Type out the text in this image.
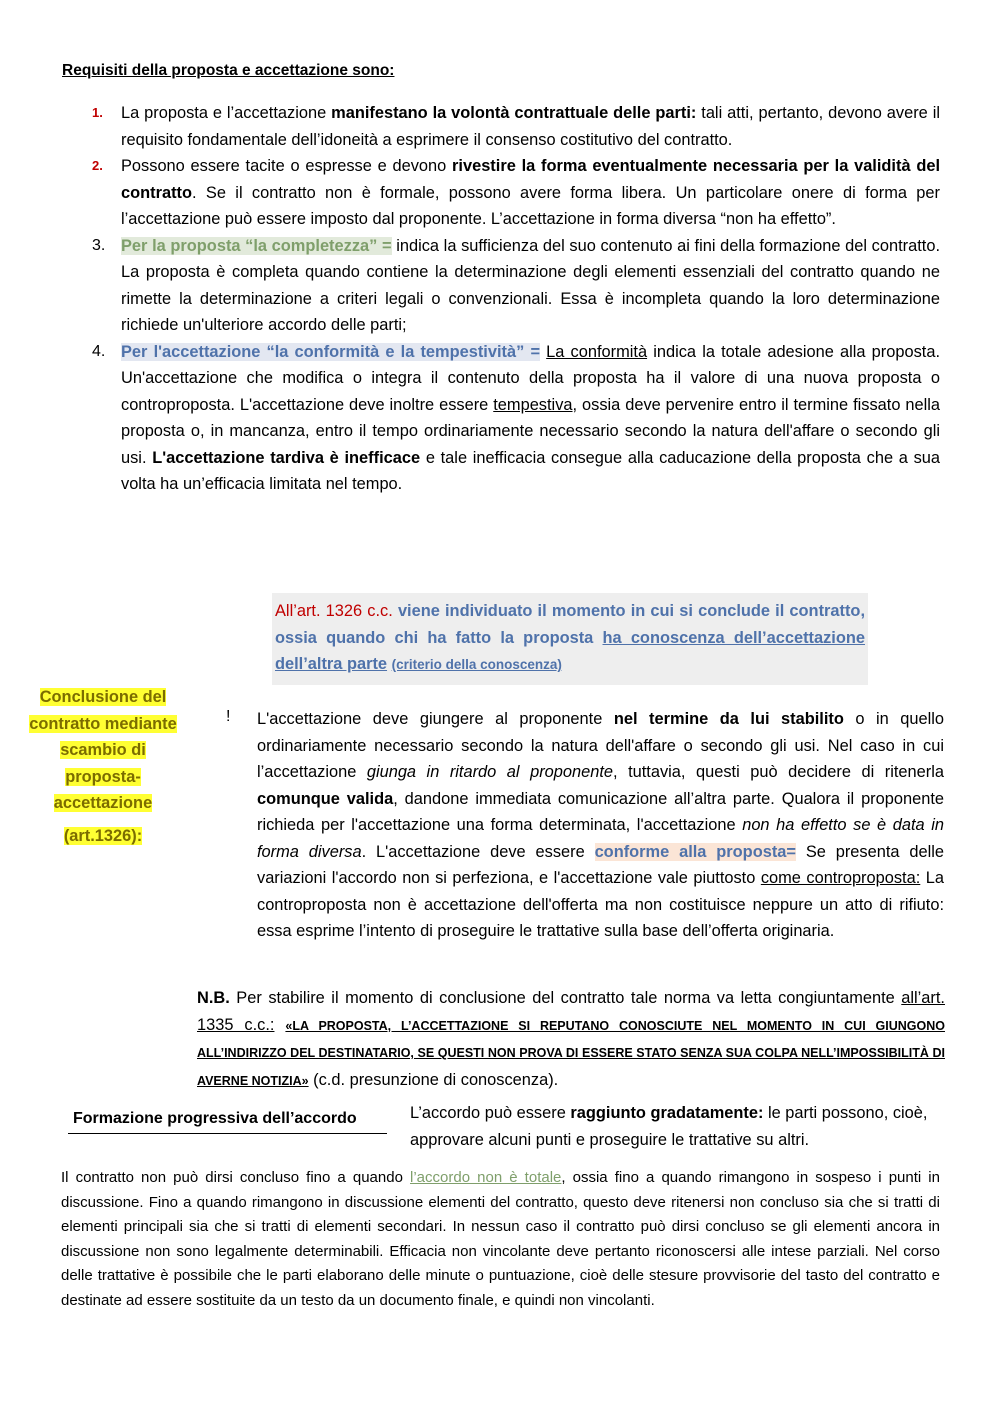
Requisiti della proposta e accettazione sono:
1.	La proposta e l’accettazione manifestano la volontà contrattuale delle parti: tali atti, pertanto, devono avere il requisito fondamentale dell’idoneità a esprimere il consenso costitutivo del contratto.
2.	Possono essere tacite o espresse e devono rivestire la forma eventualmente necessaria per la validità del contratto. Se il contratto non è formale, possono avere forma libera. Un particolare onere di forma per l’accettazione può essere imposto dal proponente. L’accettazione in forma diversa “non ha effetto”.
3. Per la proposta “la completezza” = indica la sufficienza del suo contenuto ai fini della formazione del contratto. La proposta è completa quando contiene la determinazione degli elementi essenziali del contratto quando ne rimette la determinazione a criteri legali o convenzionali. Essa è incompleta quando la loro determinazione richiede un'ulteriore accordo delle parti;
4. Per l'accettazione “la conformità e la tempestività” = La conformità indica la totale adesione alla proposta. Un'accettazione che modifica o integra il contenuto della proposta ha il valore di una nuova proposta o controproposta. L'accettazione deve inoltre essere tempestiva, ossia deve pervenire entro il termine fissato nella proposta o, in mancanza, entro il tempo ordinariamente necessario secondo la natura dell'affare o secondo gli usi. L'accettazione tardiva è inefficace e tale inefficacia consegue alla caducazione della proposta che a sua volta ha un’efficacia limitata nel tempo.
All’art. 1326 c.c. viene individuato il momento in cui si conclude il contratto, ossia quando chi ha fatto la proposta ha conoscenza dell’accettazione dell’altra parte (criterio della conoscenza)
Conclusione del
contratto mediante
scambio di
proposta-
accettazione
(art.1326):
! L'accettazione deve giungere al proponente nel termine da lui stabilito o in quello ordinariamente necessario secondo la natura dell'affare o secondo gli usi. Nel caso in cui l’accettazione giunga in ritardo al proponente, tuttavia, questi può decidere di ritenerla comunque valida, dandone immediata comunicazione all’altra parte. Qualora il proponente richieda per l'accettazione una forma determinata, l'accettazione non ha effetto se è data in forma diversa. L'accettazione deve essere conforme alla proposta= Se presenta delle variazioni l'accordo non si perfeziona, e l'accettazione vale piuttosto come controproposta: La controproposta non è accettazione dell'offerta ma non costituisce neppure un atto di rifiuto: essa esprime l’intento di proseguire le trattative sulla base dell’offerta originaria.
N.B. Per stabilire il momento di conclusione del contratto tale norma va letta congiuntamente all’art. 1335 c.c.: «LA PROPOSTA, L’ACCETTAZIONE SI REPUTANO CONOSCIUTE NEL MOMENTO IN CUI GIUNGONO ALL’INDIRIZZO DEL DESTINATARIO, SE QUESTI NON PROVA DI ESSERE STATO SENZA SUA COLPA NELL’IMPOSSIBILITÀ DI AVERNE NOTIZIA» (c.d. presunzione di conoscenza).
Formazione progressiva dell’accordo	L’accordo può essere raggiunto gradatamente: le parti possono, cioè, approvare alcuni punti e proseguire le trattative su altri.
Il contratto non può dirsi concluso fino a quando l’accordo non è totale, ossia fino a quando rimangono in sospeso i punti in discussione. Fino a quando rimangono in discussione elementi del contratto, questo deve ritenersi non concluso sia che si tratti di elementi principali sia che si tratti di elementi secondari. In nessun caso il contratto può dirsi concluso se gli elementi ancora in discussione non sono legalmente determinabili. Efficacia non vincolante deve pertanto riconoscersi alle intese parziali. Nel corso delle trattative è possibile che le parti elaborano delle minute o puntuazione, cioè delle stesure provvisorie del tasto del contratto e destinate ad essere sostituite da un testo da un documento finale, e quindi non vincolanti.
